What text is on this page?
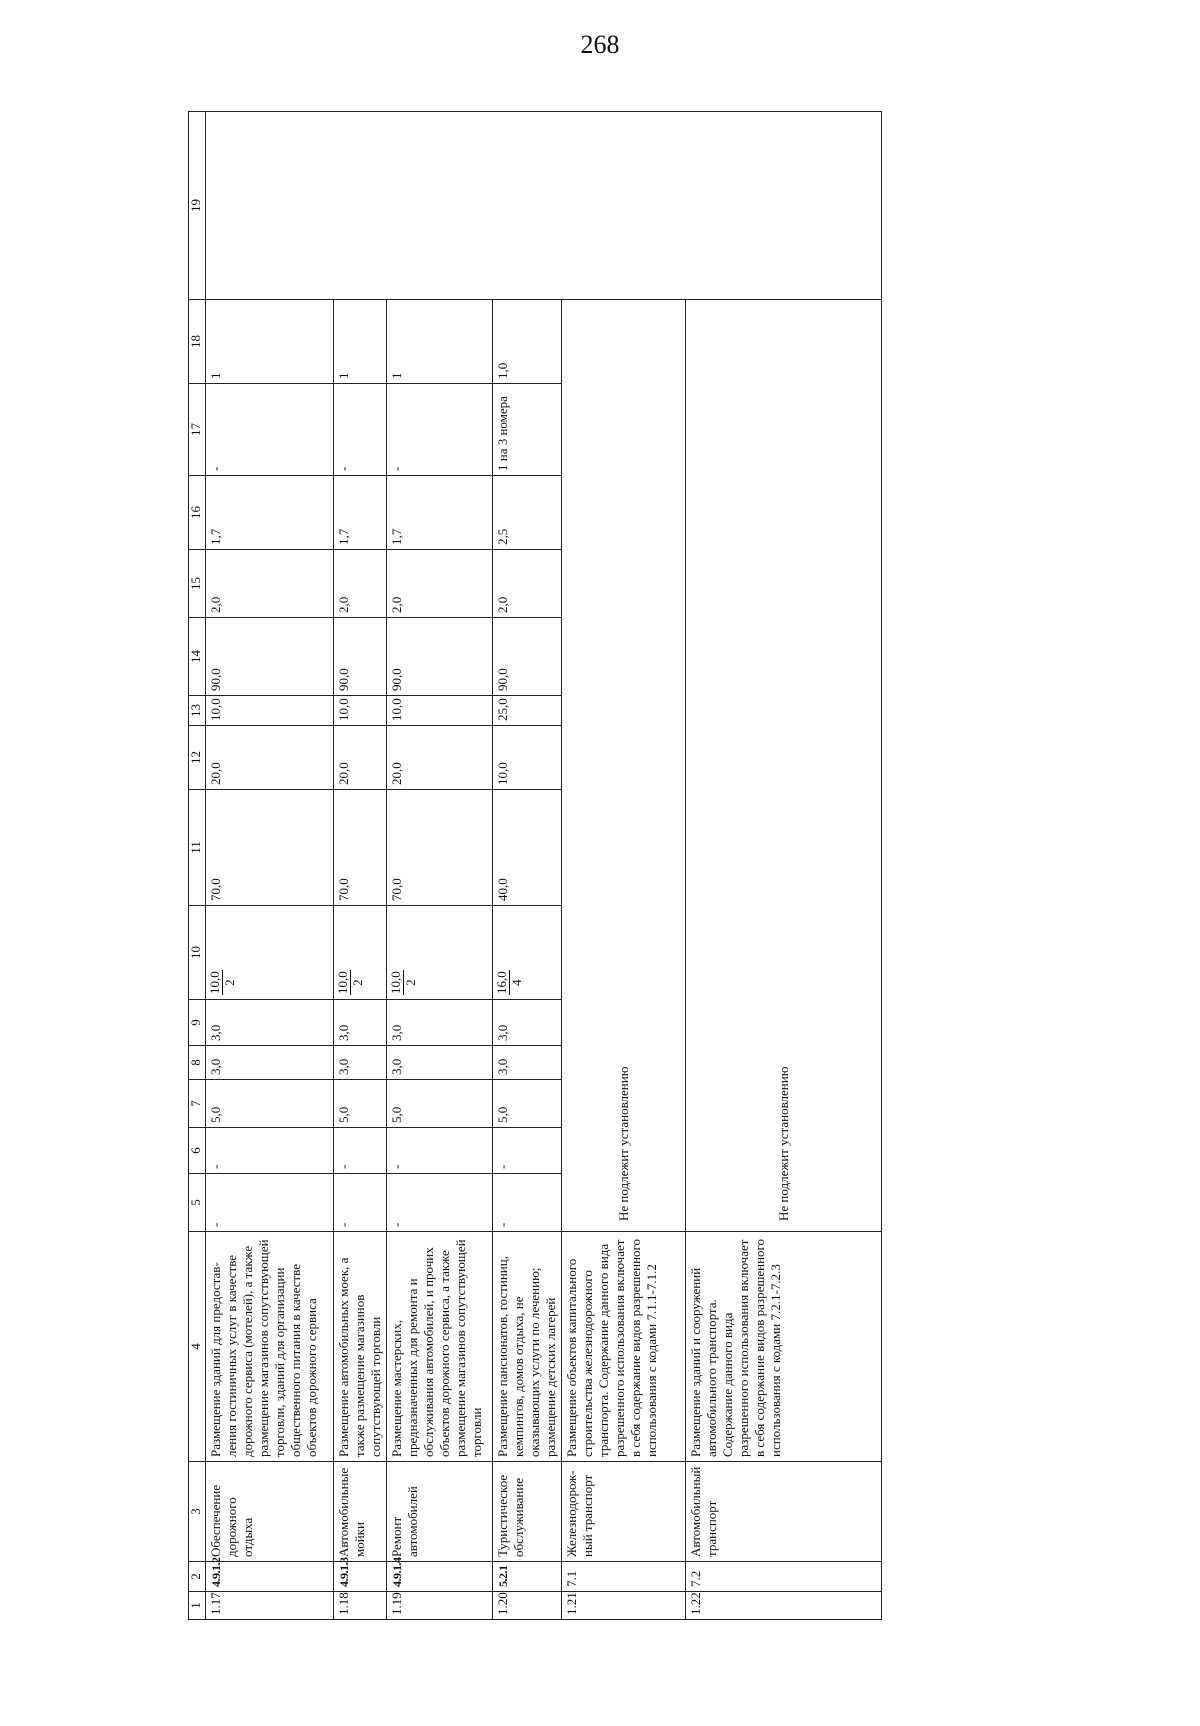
268
1	2	3	4	5	6	7	8	9	10	11	12	13	14	15	16	17	18	19
1.17	4.9.1.2	Обеспечение дорожного отдыха	Размещение зданий для предостав-ления гостиничных услуг в качестве дорожного сервиса (мотелей), а также размещение магазинов сопутствующей торговли, зданий для организации общественного питания в качестве объектов дорожного сервиса	-	-	5,0	3,0	3,0	10,0 2	70,0	20,0	10,0	90,0	2,0	1,7	-	1	
1.18	4.9.1.3	Автомобильные мойки	Размещение автомобильных моек, а также размещение магазинов сопутствующей торговли	-	-	5,0	3,0	3,0	10,0 2	70,0	20,0	10,0	90,0	2,0	1,7	-	1	
1.19	4.9.1.4	Ремонт автомобилей	Размещение мастерских, предназначенных для ремонта и обслуживания автомобилей, и прочих объектов дорожного сервиса, а также размещение магазинов сопутствующей торговли	-	-	5,0	3,0	3,0	10,0 2	70,0	20,0	10,0	90,0	2,0	1,7	-	1	
1.20	5.2.1	Туристическое обслуживание	Размещение пансионатов, гостиниц, кемпингов, домов отдыха, не оказывающих услуги по лечению; размещение детских лагерей	-	-	5,0	3,0	3,0	16,0 4	40,0	10,0	25,0	90,0	2,0	2,5	1 на 3 номера	1,0	
1.21	7.1	Железнодорож-ный транспорт	Размещение объектов капитального строительства железнодорожного транспорта. Содержание данного вида разрешенного использования включает в себя содержание видов разрешенного использования с кодами 7.1.1-7.1.2	Не подлежит установлению														
1.22	7.2	Автомобильный транспорт	Размещение зданий и сооружений автомобильного транспорта. Содержание данного вида разрешенного использования включает в себя содержание видов разрешенного использования с кодами 7.2.1-7.2.3	Не подлежит установлению														
